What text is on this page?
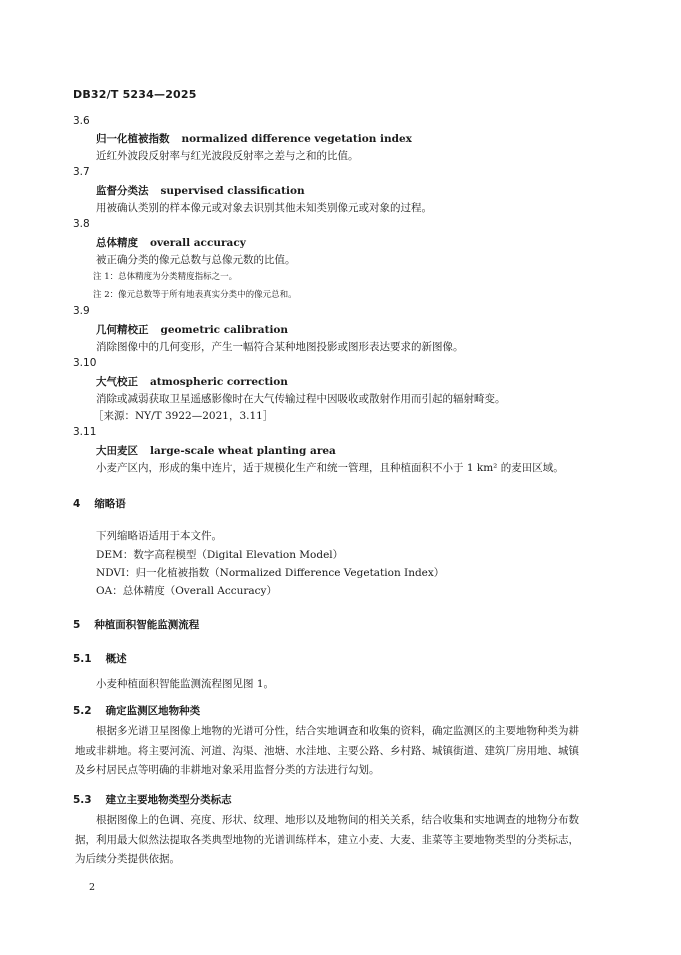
DB32/T 5234—2025
3.6
归一化植被指数 normalized difference vegetation index
近红外波段反射率与红光波段反射率之差与之和的比值。
3.7
监督分类法 supervised classification
用被确认类别的样本像元或对象去识别其他未知类别像元或对象的过程。
3.8
总体精度 overall accuracy
被正确分类的像元总数与总像元数的比值。
注 1：总体精度为分类精度指标之一。
注 2：像元总数等于所有地表真实分类中的像元总和。
3.9
几何精校正 geometric calibration
消除图像中的几何变形，产生一幅符合某种地图投影或图形表达要求的新图像。
3.10
大气校正 atmospheric correction
消除或减弱获取卫星遥感影像时在大气传输过程中因吸收或散射作用而引起的辐射畸变。
［来源：NY/T 3922—2021，3.11］
3.11
大田麦区 large-scale wheat planting area
小麦产区内，形成的集中连片，适于规模化生产和统一管理，且种植面积不小于 1 km² 的麦田区域。
4 缩略语
下列缩略语适用于本文件。
DEM：数字高程模型（Digital Elevation Model）
NDVI：归一化植被指数（Normalized Difference Vegetation Index）
OA：总体精度（Overall Accuracy）
5 种植面积智能监测流程
5.1 概述
小麦种植面积智能监测流程图见图 1。
5.2 确定监测区地物种类
根据多光谱卫星图像上地物的光谱可分性，结合实地调查和收集的资料，确定监测区的主要地物种类为耕地或非耕地。将主要河流、河道、沟渠、池塘、水洼地、主要公路、乡村路、城镇街道、建筑厂房用地、城镇及乡村居民点等明确的非耕地对象采用监督分类的方法进行勾划。
5.3 建立主要地物类型分类标志
根据图像上的色调、亮度、形状、纹理、地形以及地物间的相关关系，结合收集和实地调查的地物分布数据，利用最大似然法提取各类典型地物的光谱训练样本，建立小麦、大麦、韭菜等主要地物类型的分类标志，为后续分类提供依据。
2
